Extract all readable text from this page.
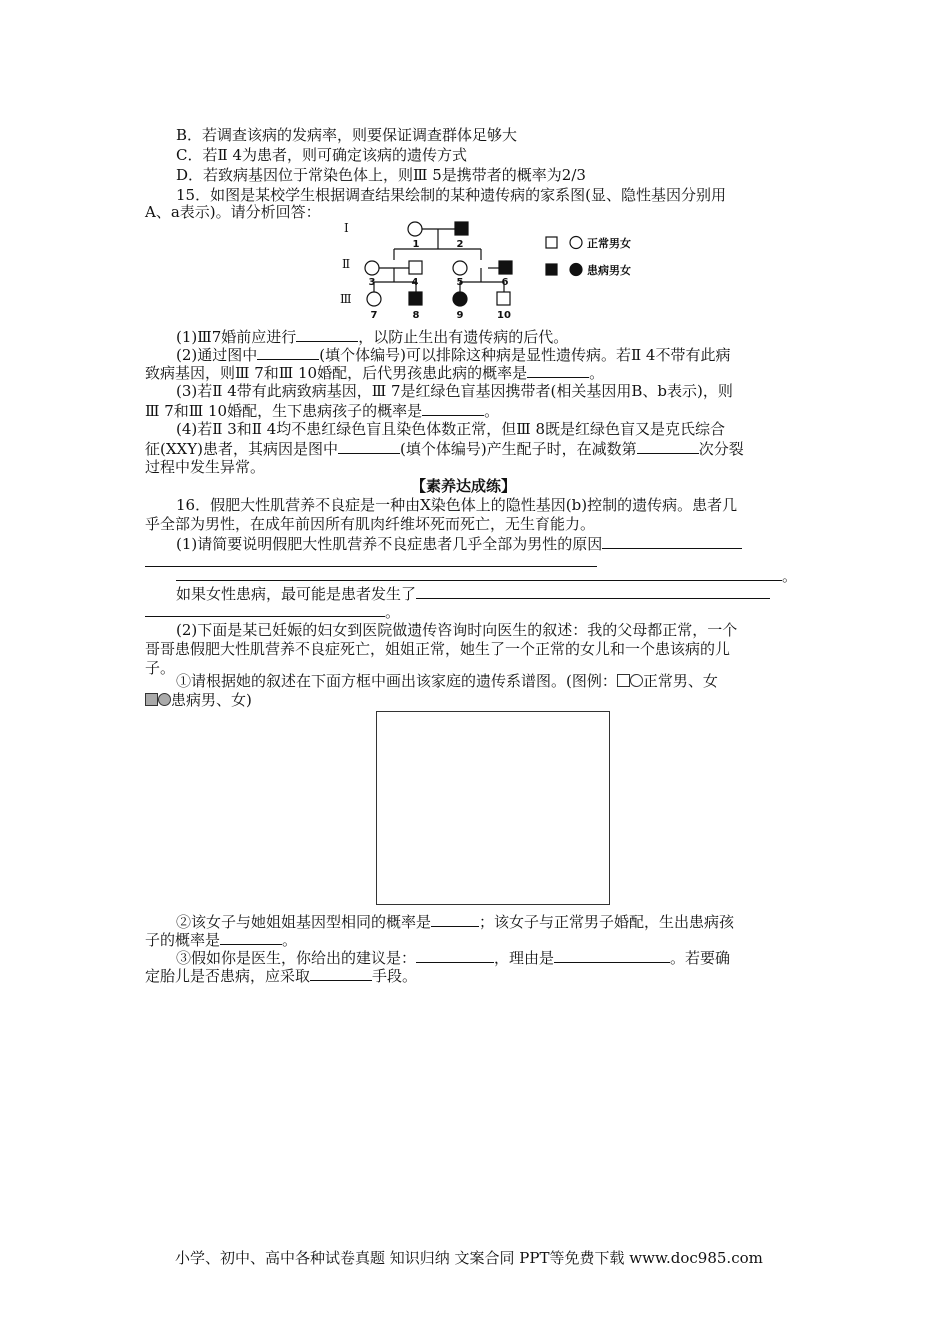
B．若调查该病的发病率，则要保证调查群体足够大
C．若Ⅱ 4为患者，则可确定该病的遗传方式
D．若致病基因位于常染色体上，则Ⅲ 5是携带者的概率为2/3
15．如图是某校学生根据调查结果绘制的某种遗传病的家系图(显、隐性基因分别用
A、a表示)。请分析回答：
Ⅰ
Ⅱ
Ⅲ
1	2
3	4	5	6
7	8	9	10
正常男女
患病男女
(1)Ⅲ7婚前应进行	，以防止生出有遗传病的后代。
(2)通过图中	(填个体编号)可以排除这种病是显性遗传病。若Ⅱ 4不带有此病
致病基因，则Ⅲ 7和Ⅲ 10婚配，后代男孩患此病的概率是	。
(3)若Ⅱ 4带有此病致病基因，Ⅲ 7是红绿色盲基因携带者(相关基因用B、b表示)，则
Ⅲ 7和Ⅲ 10婚配，生下患病孩子的概率是	。
(4)若Ⅱ 3和Ⅱ 4均不患红绿色盲且染色体数正常，但Ⅲ 8既是红绿色盲又是克氏综合
征(XXY)患者，其病因是图中	(填个体编号)产生配子时，在减数第	次分裂
过程中发生异常。
【素养达成练】
16．假肥大性肌营养不良症是一种由X染色体上的隐性基因(b)控制的遗传病。患者几
乎全部为男性，在成年前因所有肌肉纤维坏死而死亡，无生育能力。
(1)请简要说明假肥大性肌营养不良症患者几乎全部为男性的原因
。
如果女性患病，最可能是患者发生了
。
(2)下面是某已妊娠的妇女到医院做遗传咨询时向医生的叙述：我的父母都正常，一个
哥哥患假肥大性肌营养不良症死亡，姐姐正常，她生了一个正常的女儿和一个患该病的儿
子。
①请根据她的叙述在下面方框中画出该家庭的遗传系谱图。(图例： 正常男、女
患病男、女)
②该女子与她姐姐基因型相同的概率是	；该女子与正常男子婚配，生出患病孩
子的概率是	。
③假如你是医生，你给出的建议是：	，理由是	。若要确
定胎儿是否患病，应采取	手段。
小学、初中、高中各种试卷真题 知识归纳 文案合同 PPT等免费下载 www.doc985.com
